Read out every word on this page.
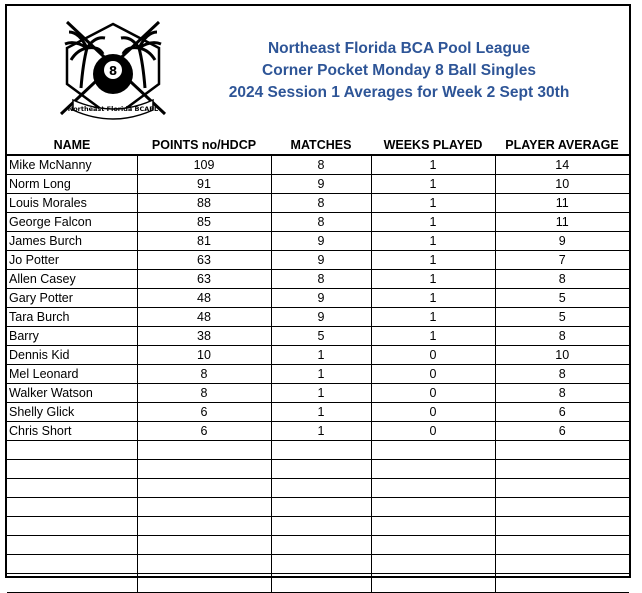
8
Northeast Florida BCAPL
Northeast Florida BCA Pool League
Corner Pocket Monday 8 Ball Singles
2024 Session 1 Averages for Week 2 Sept 30th
NAME	POINTS no/HDCP	MATCHES	WEEKS PLAYED	PLAYER AVERAGE
Mike McNanny	109	8	1	14
Norm Long	91	9	1	10
Louis Morales	88	8	1	11
George Falcon	85	8	1	11
James Burch	81	9	1	9
Jo Potter	63	9	1	7
Allen Casey	63	8	1	8
Gary Potter	48	9	1	5
Tara Burch	48	9	1	5
Barry	38	5	1	8
Dennis Kid	10	1	0	10
Mel Leonard	8	1	0	8
Walker Watson	8	1	0	8
Shelly Glick	6	1	0	6
Chris Short	6	1	0	6
